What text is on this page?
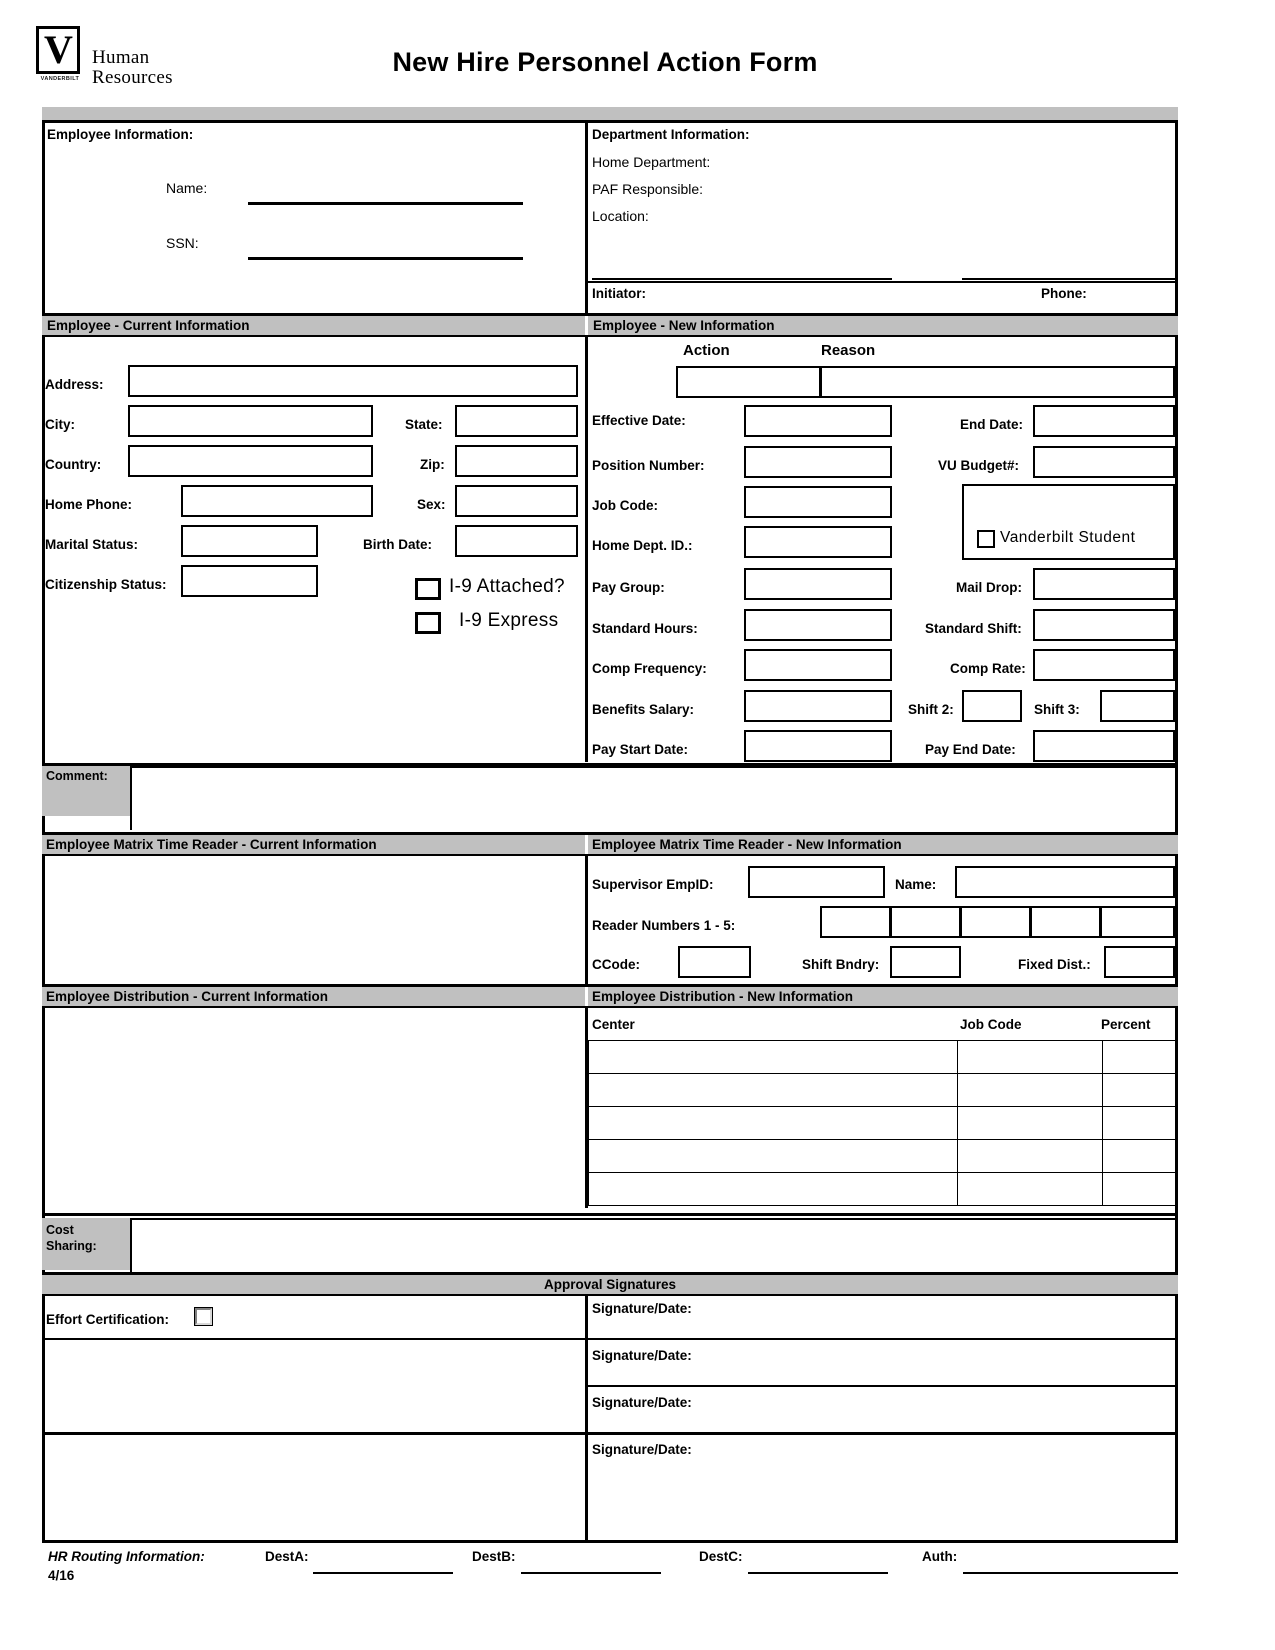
V
VANDERBILT
Human
Resources
New Hire Personnel Action Form
Employee Information:
Name:
SSN:
Department Information:
Home Department:
PAF Responsible:
Location:
Initiator:	Phone:
Employee - Current Information	Employee - New Information
Address:
City:	State:
Country:	Zip:
Home Phone:	Sex:
Marital Status:	Birth Date:
Citizenship Status:	I-9 Attached?
I-9 Express
Action	Reason
Effective Date:	End Date:
Position Number:	VU Budget#:
Job Code:
Vanderbilt Student
Home Dept. ID.:
Pay Group:	Mail Drop:
Standard Hours:	Standard Shift:
Comp Frequency:	Comp Rate:
Benefits Salary:	Shift 2:	Shift 3:
Pay Start Date:	Pay End Date:
Comment:
Employee Matrix Time Reader - Current Information	Employee Matrix Time Reader - New Information
Supervisor EmpID:	Name:
Reader Numbers 1 - 5:
CCode:	Shift Bndry:	Fixed Dist.:
Employee Distribution - Current Information	Employee Distribution - New Information
Center	Job Code	Percent
Cost
Sharing:
Approval Signatures
Effort Certification:
Signature/Date:
Signature/Date:
Signature/Date:
Signature/Date:
HR Routing Information:
4/16
DestA:	DestB:	DestC:	Auth:
